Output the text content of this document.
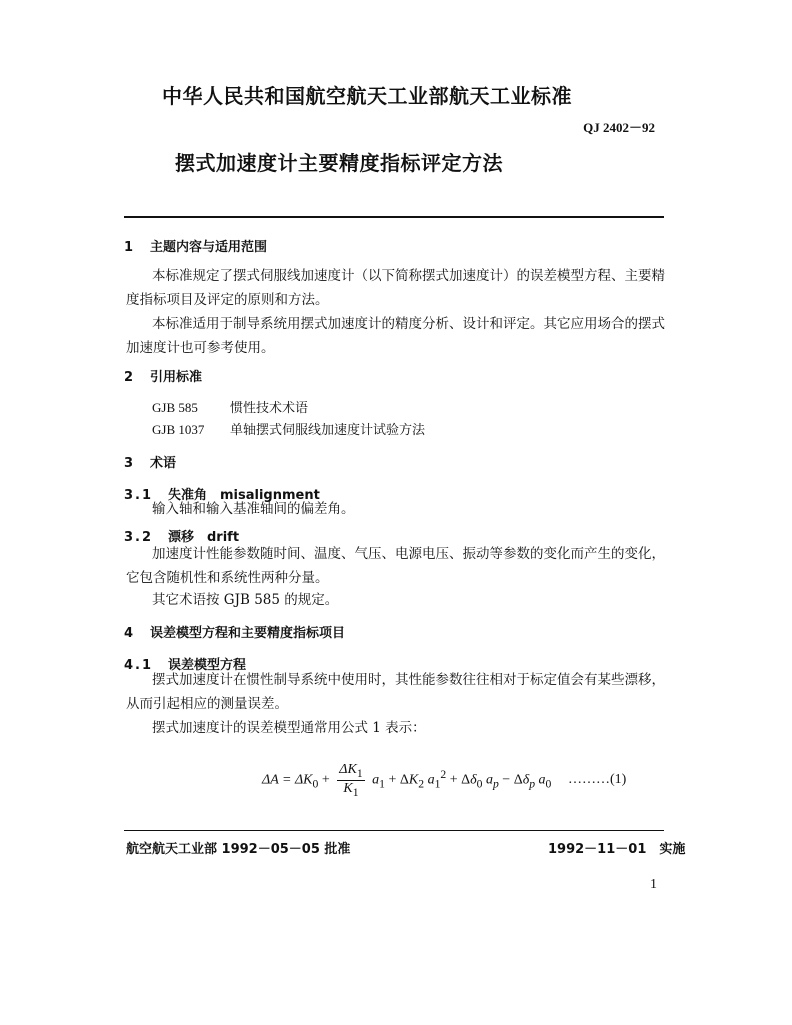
中华人民共和国航空航天工业部航天工业标准
QJ 2402－92
摆式加速度计主要精度指标评定方法
1 主题内容与适用范围
本标准规定了摆式伺服线加速度计（以下简称摆式加速度计）的误差模型方程、主要精度指标项目及评定的原则和方法。
本标准适用于制导系统用摆式加速度计的精度分析、设计和评定。其它应用场合的摆式加速度计也可参考使用。
2 引用标准
GJB 585 惯性技术术语
GJB 1037 单轴摆式伺服线加速度计试验方法
3 术语
3.1 失准角　misalignment
输入轴和输入基准轴间的偏差角。
3.2 漂移　drift
加速度计性能参数随时间、温度、气压、电源电压、振动等参数的变化而产生的变化，它包含随机性和系统性两种分量。
其它术语按 GJB 585 的规定。
4 误差模型方程和主要精度指标项目
4.1 误差模型方程
摆式加速度计在惯性制导系统中使用时，其性能参数往往相对于标定值会有某些漂移，从而引起相应的测量误差。
摆式加速度计的误差模型通常用公式 1 表示：
$\Delta A = \Delta K_0 + \frac{\Delta K_1}{K_1} a_1 + \Delta K_2$ $a_1^2 + \Delta\delta_0$ $a_p - \Delta\delta_p$ $a_0$ ………(1)
航空航天工业部 1992－05－05 批准	1992－11－01　实施
1
